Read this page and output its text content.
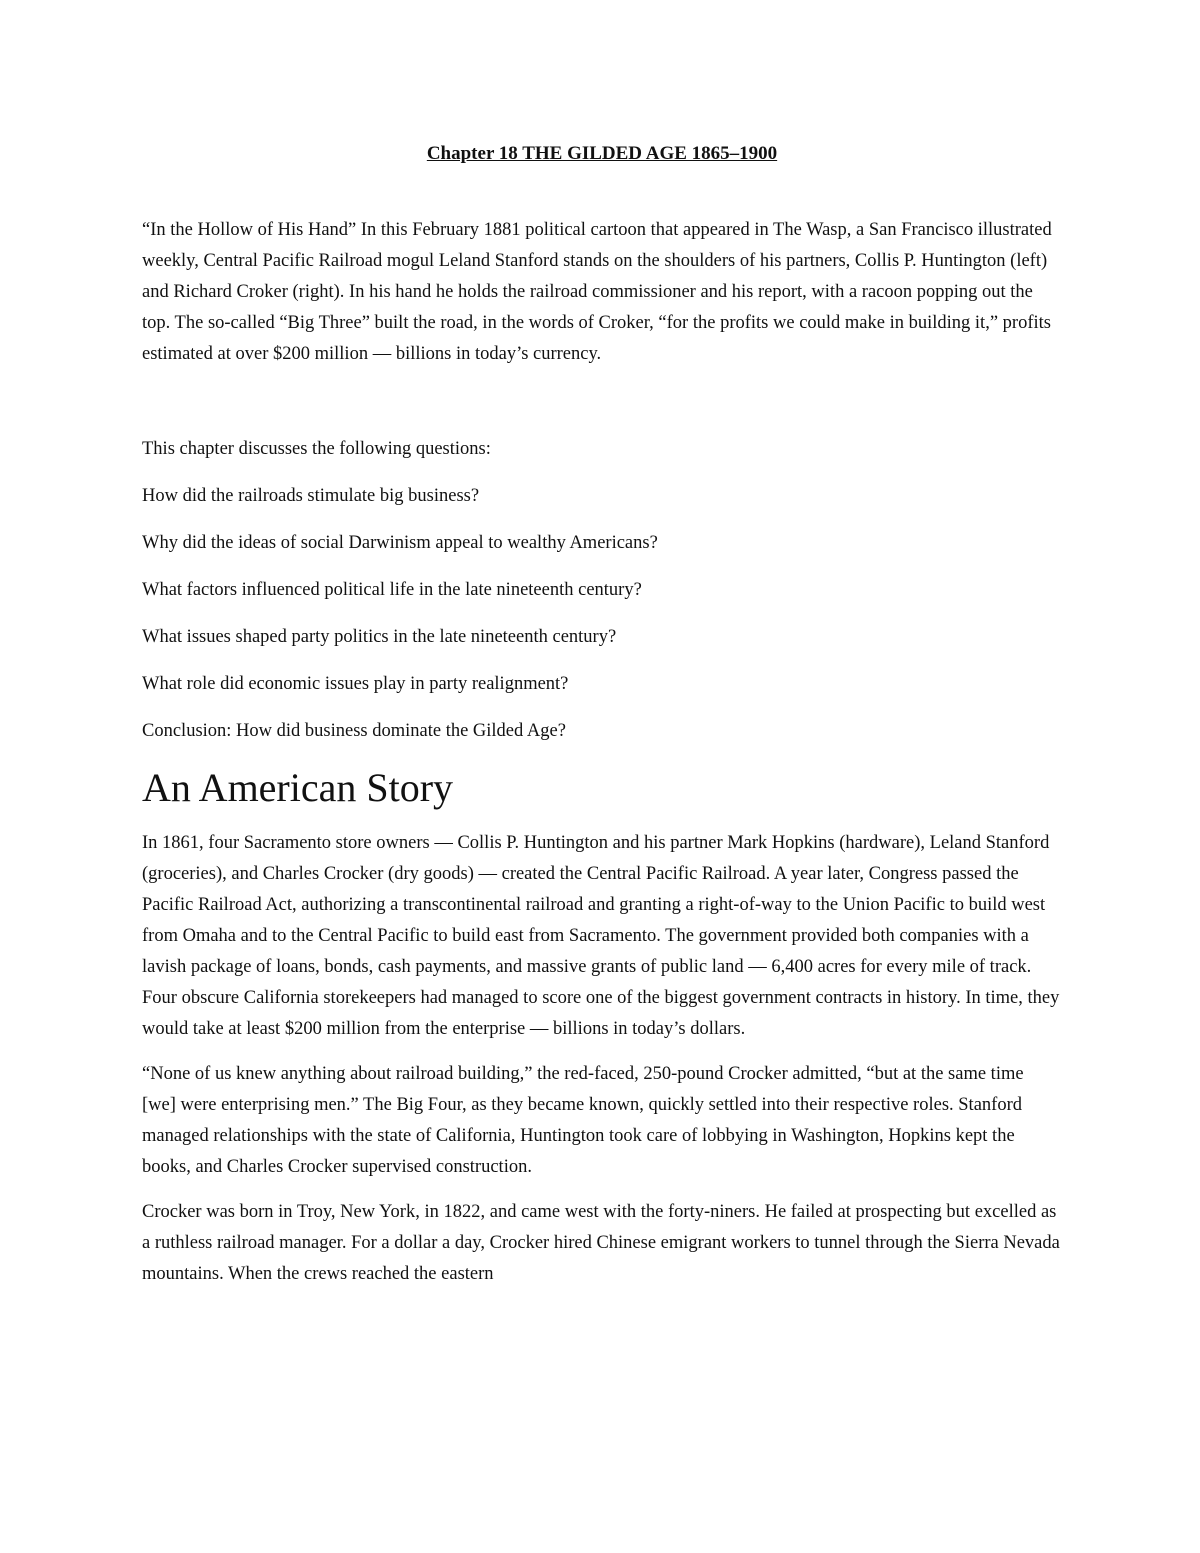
Chapter 18 THE GILDED AGE 1865–1900

“In the Hollow of His Hand” In this February 1881 political cartoon that appeared in The Wasp, a San Francisco illustrated weekly, Central Pacific Railroad mogul Leland Stanford stands on the shoulders of his partners, Collis P. Huntington (left) and Richard Croker (right). In his hand he holds the railroad commissioner and his report, with a racoon popping out the top. The so-called “Big Three” built the road, in the words of Croker, “for the profits we could make in building it,” profits estimated at over $200 million — billions in today’s currency.

This chapter discusses the following questions:
How did the railroads stimulate big business?
Why did the ideas of social Darwinism appeal to wealthy Americans?
What factors influenced political life in the late nineteenth century?
What issues shaped party politics in the late nineteenth century?
What role did economic issues play in party realignment?
Conclusion: How did business dominate the Gilded Age?
An American Story

In 1861, four Sacramento store owners — Collis P. Huntington and his partner Mark Hopkins (hardware), Leland Stanford (groceries), and Charles Crocker (dry goods) — created the Central Pacific Railroad. A year later, Congress passed the Pacific Railroad Act, authorizing a transcontinental railroad and granting a right-of-way to the Union Pacific to build west from Omaha and to the Central Pacific to build east from Sacramento. The government provided both companies with a lavish package of loans, bonds, cash payments, and massive grants of public land — 6,400 acres for every mile of track. Four obscure California storekeepers had managed to score one of the biggest government contracts in history. In time, they would take at least $200 million from the enterprise — billions in today’s dollars.

“None of us knew anything about railroad building,” the red-faced, 250-pound Crocker admitted, “but at the same time [we] were enterprising men.” The Big Four, as they became known, quickly settled into their respective roles. Stanford managed relationships with the state of California, Huntington took care of lobbying in Washington, Hopkins kept the books, and Charles Crocker supervised construction.

Crocker was born in Troy, New York, in 1822, and came west with the forty-niners. He failed at prospecting but excelled as a ruthless railroad manager. For a dollar a day, Crocker hired Chinese emigrant workers to tunnel through the Sierra Nevada mountains. When the crews reached the eastern
